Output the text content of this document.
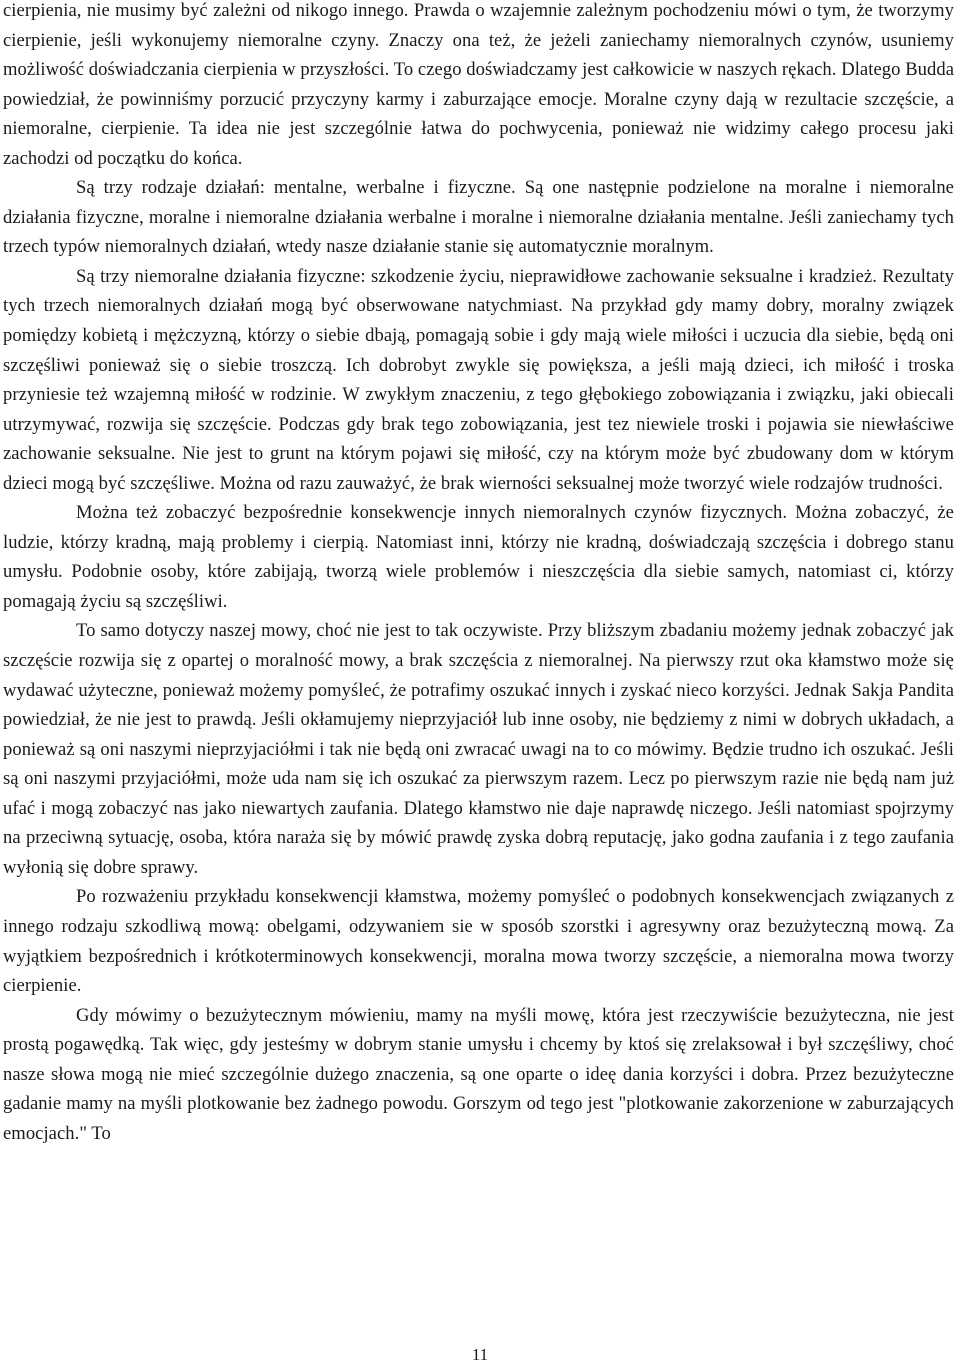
cierpienia, nie musimy być zależni od nikogo innego. Prawda o wzajemnie zależnym pochodzeniu mówi o tym, że tworzymy cierpienie, jeśli wykonujemy niemoralne czyny. Znaczy ona też, że jeżeli zaniechamy niemoralnych czynów, usuniemy możliwość doświadczania cierpienia w przyszłości. To czego doświadczamy jest całkowicie w naszych rękach. Dlatego Budda powiedział, że powinniśmy porzucić przyczyny karmy i zaburzające emocje. Moralne czyny dają w rezultacie szczęście, a niemoralne, cierpienie. Ta idea nie jest szczególnie łatwa do pochwycenia, ponieważ nie widzimy całego procesu jaki zachodzi od początku do końca.

Są trzy rodzaje działań: mentalne, werbalne i fizyczne. Są one następnie podzielone na moralne i niemoralne działania fizyczne, moralne i niemoralne działania werbalne i moralne i niemoralne działania mentalne. Jeśli zaniechamy tych trzech typów niemoralnych działań, wtedy nasze działanie stanie się automatycznie moralnym.

Są trzy niemoralne działania fizyczne: szkodzenie życiu, nieprawidłowe zachowanie seksualne i kradzież. Rezultaty tych trzech niemoralnych działań mogą być obserwowane natychmiast. Na przykład gdy mamy dobry, moralny związek pomiędzy kobietą i mężczyzną, którzy o siebie dbają, pomagają sobie i gdy mają wiele miłości i uczucia dla siebie, będą oni szczęśliwi ponieważ się o siebie troszczą. Ich dobrobyt zwykle się powiększa, a jeśli mają dzieci, ich miłość i troska przyniesie też wzajemną miłość w rodzinie. W zwykłym znaczeniu, z tego głębokiego zobowiązania i związku, jaki obiecali utrzymywać, rozwija się szczęście. Podczas gdy brak tego zobowiązania, jest tez niewiele troski i pojawia sie niewłaściwe zachowanie seksualne. Nie jest to grunt na którym pojawi się miłość, czy na którym może być zbudowany dom w którym dzieci mogą być szczęśliwe. Można od razu zauważyć, że brak wierności seksualnej może tworzyć wiele rodzajów trudności.

Można też zobaczyć bezpośrednie konsekwencje innych niemoralnych czynów fizycznych. Można zobaczyć, że ludzie, którzy kradną, mają problemy i cierpią. Natomiast inni, którzy nie kradną, doświadczają szczęścia i dobrego stanu umysłu. Podobnie osoby, które zabijają, tworzą wiele problemów i nieszczęścia dla siebie samych, natomiast ci, którzy pomagają życiu są szczęśliwi.

To samo dotyczy naszej mowy, choć nie jest to tak oczywiste. Przy bliższym zbadaniu możemy jednak zobaczyć jak szczęście rozwija się z opartej o moralność mowy, a brak szczęścia z niemoralnej. Na pierwszy rzut oka kłamstwo może się wydawać użyteczne, ponieważ możemy pomyśleć, że potrafimy oszukać innych i zyskać nieco korzyści. Jednak Sakja Pandita powiedział, że nie jest to prawdą. Jeśli okłamujemy nieprzyjaciół lub inne osoby, nie będziemy z nimi w dobrych układach, a ponieważ są oni naszymi nieprzyjaciółmi i tak nie będą oni zwracać uwagi na to co mówimy. Będzie trudno ich oszukać. Jeśli są oni naszymi przyjaciółmi, może uda nam się ich oszukać za pierwszym razem. Lecz po pierwszym razie nie będą nam już ufać i mogą zobaczyć nas jako niewartych zaufania. Dlatego kłamstwo nie daje naprawdę niczego. Jeśli natomiast spojrzymy na przeciwną sytuację, osoba, która naraża się by mówić prawdę zyska dobrą reputację, jako godna zaufania i z tego zaufania wyłonią się dobre sprawy.

Po rozważeniu przykładu konsekwencji kłamstwa, możemy pomyśleć o podobnych konsekwencjach związanych z innego rodzaju szkodliwą mową: obelgami, odzywaniem sie w sposób szorstki i agresywny oraz bezużyteczną mową. Za wyjątkiem bezpośrednich i krótkoterminowych konsekwencji, moralna mowa tworzy szczęście, a niemoralna mowa tworzy cierpienie.

Gdy mówimy o bezużytecznym mówieniu, mamy na myśli mowę, która jest rzeczywiście bezużyteczna, nie jest prostą pogawędką. Tak więc, gdy jesteśmy w dobrym stanie umysłu i chcemy by ktoś się zrelaksował i był szczęśliwy, choć nasze słowa mogą nie mieć szczególnie dużego znaczenia, są one oparte o ideę dania korzyści i dobra. Przez bezużyteczne gadanie mamy na myśli plotkowanie bez żadnego powodu. Gorszym od tego jest "plotkowanie zakorzenione w zaburzających emocjach." To

11
